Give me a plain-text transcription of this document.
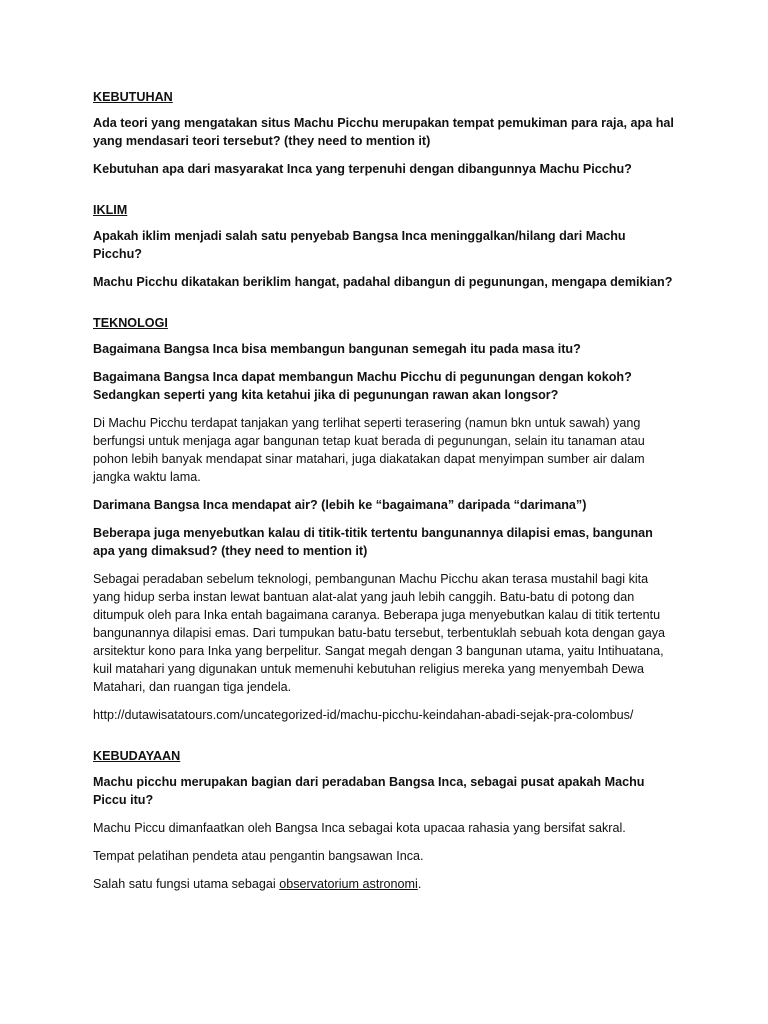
KEBUTUHAN
Ada teori yang mengatakan situs Machu Picchu merupakan tempat pemukiman para raja, apa hal yang mendasari teori tersebut? (they need to mention it)
Kebutuhan apa dari masyarakat Inca yang terpenuhi dengan dibangunnya Machu Picchu?
IKLIM
Apakah iklim menjadi salah satu penyebab Bangsa Inca meninggalkan/hilang dari Machu Picchu?
Machu Picchu dikatakan beriklim hangat, padahal dibangun di pegunungan, mengapa demikian?
TEKNOLOGI
Bagaimana Bangsa Inca bisa membangun bangunan semegah itu pada masa itu?
Bagaimana Bangsa Inca dapat membangun Machu Picchu di pegunungan dengan kokoh? Sedangkan seperti yang kita ketahui jika di pegunungan rawan akan longsor?
Di Machu Picchu terdapat tanjakan yang terlihat seperti terasering (namun bkn untuk sawah) yang berfungsi untuk menjaga agar bangunan tetap kuat berada di pegunungan, selain itu tanaman atau pohon lebih banyak mendapat sinar matahari, juga diakatakan dapat menyimpan sumber air dalam jangka waktu lama.
Darimana Bangsa Inca mendapat air? (lebih ke “bagaimana” daripada “darimana”)
Beberapa juga menyebutkan kalau di titik-titik tertentu bangunannya dilapisi emas, bangunan apa yang dimaksud? (they need to mention it)
Sebagai peradaban sebelum teknologi, pembangunan Machu Picchu akan terasa mustahil bagi kita yang hidup serba instan lewat bantuan alat-alat yang jauh lebih canggih. Batu-batu di potong dan ditumpuk oleh para Inka entah bagaimana caranya. Beberapa juga menyebutkan kalau di titik tertentu bangunannya dilapisi emas. Dari tumpukan batu-batu tersebut, terbentuklah sebuah kota dengan gaya arsitektur kono para Inka yang berpelitur. Sangat megah dengan 3 bangunan utama, yaitu Intihuatana, kuil matahari yang digunakan untuk memenuhi kebutuhan religius mereka yang menyembah Dewa Matahari, dan ruangan tiga jendela.
http://dutawisatatours.com/uncategorized-id/machu-picchu-keindahan-abadi-sejak-pra-colombus/
KEBUDAYAAN
Machu picchu merupakan bagian dari peradaban Bangsa Inca, sebagai pusat apakah Machu Piccu itu?
Machu Piccu dimanfaatkan oleh Bangsa Inca sebagai kota upacaa rahasia yang bersifat sakral.
Tempat pelatihan pendeta atau pengantin bangsawan Inca.
Salah satu fungsi utama sebagai observatorium astronomi.
